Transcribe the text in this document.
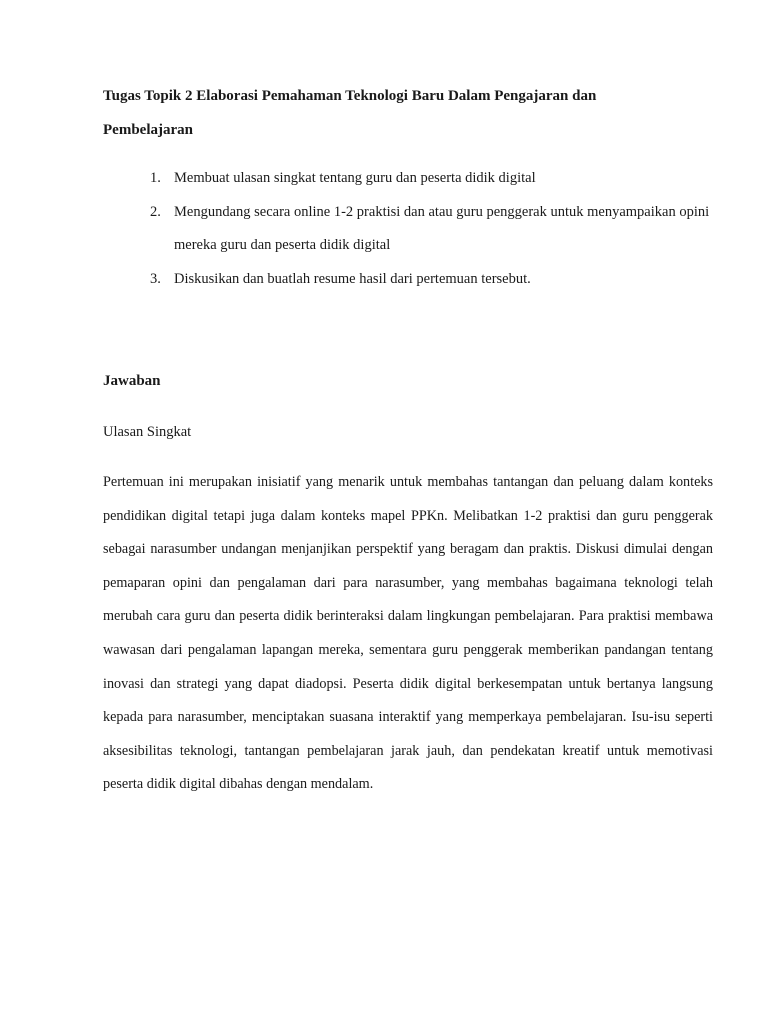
Tugas Topik 2 Elaborasi Pemahaman Teknologi Baru Dalam Pengajaran dan

Pembelajaran

1. Membuat ulasan singkat tentang guru dan peserta didik digital
2. Mengundang secara online 1-2 praktisi dan atau guru penggerak untuk menyampaikan opini mereka guru dan peserta didik digital
3. Diskusikan dan buatlah resume hasil dari pertemuan tersebut.

Jawaban

Ulasan Singkat

Pertemuan ini merupakan inisiatif yang menarik untuk membahas tantangan dan peluang dalam konteks pendidikan digital tetapi juga dalam konteks mapel PPKn. Melibatkan 1-2 praktisi dan guru penggerak sebagai narasumber undangan menjanjikan perspektif yang beragam dan praktis. Diskusi dimulai dengan pemaparan opini dan pengalaman dari para narasumber, yang membahas bagaimana teknologi telah merubah cara guru dan peserta didik berinteraksi dalam lingkungan pembelajaran. Para praktisi membawa wawasan dari pengalaman lapangan mereka, sementara guru penggerak memberikan pandangan tentang inovasi dan strategi yang dapat diadopsi. Peserta didik digital berkesempatan untuk bertanya langsung kepada para narasumber, menciptakan suasana interaktif yang memperkaya pembelajaran. Isu-isu seperti aksesibilitas teknologi, tantangan pembelajaran jarak jauh, dan pendekatan kreatif untuk memotivasi peserta didik digital dibahas dengan mendalam.
